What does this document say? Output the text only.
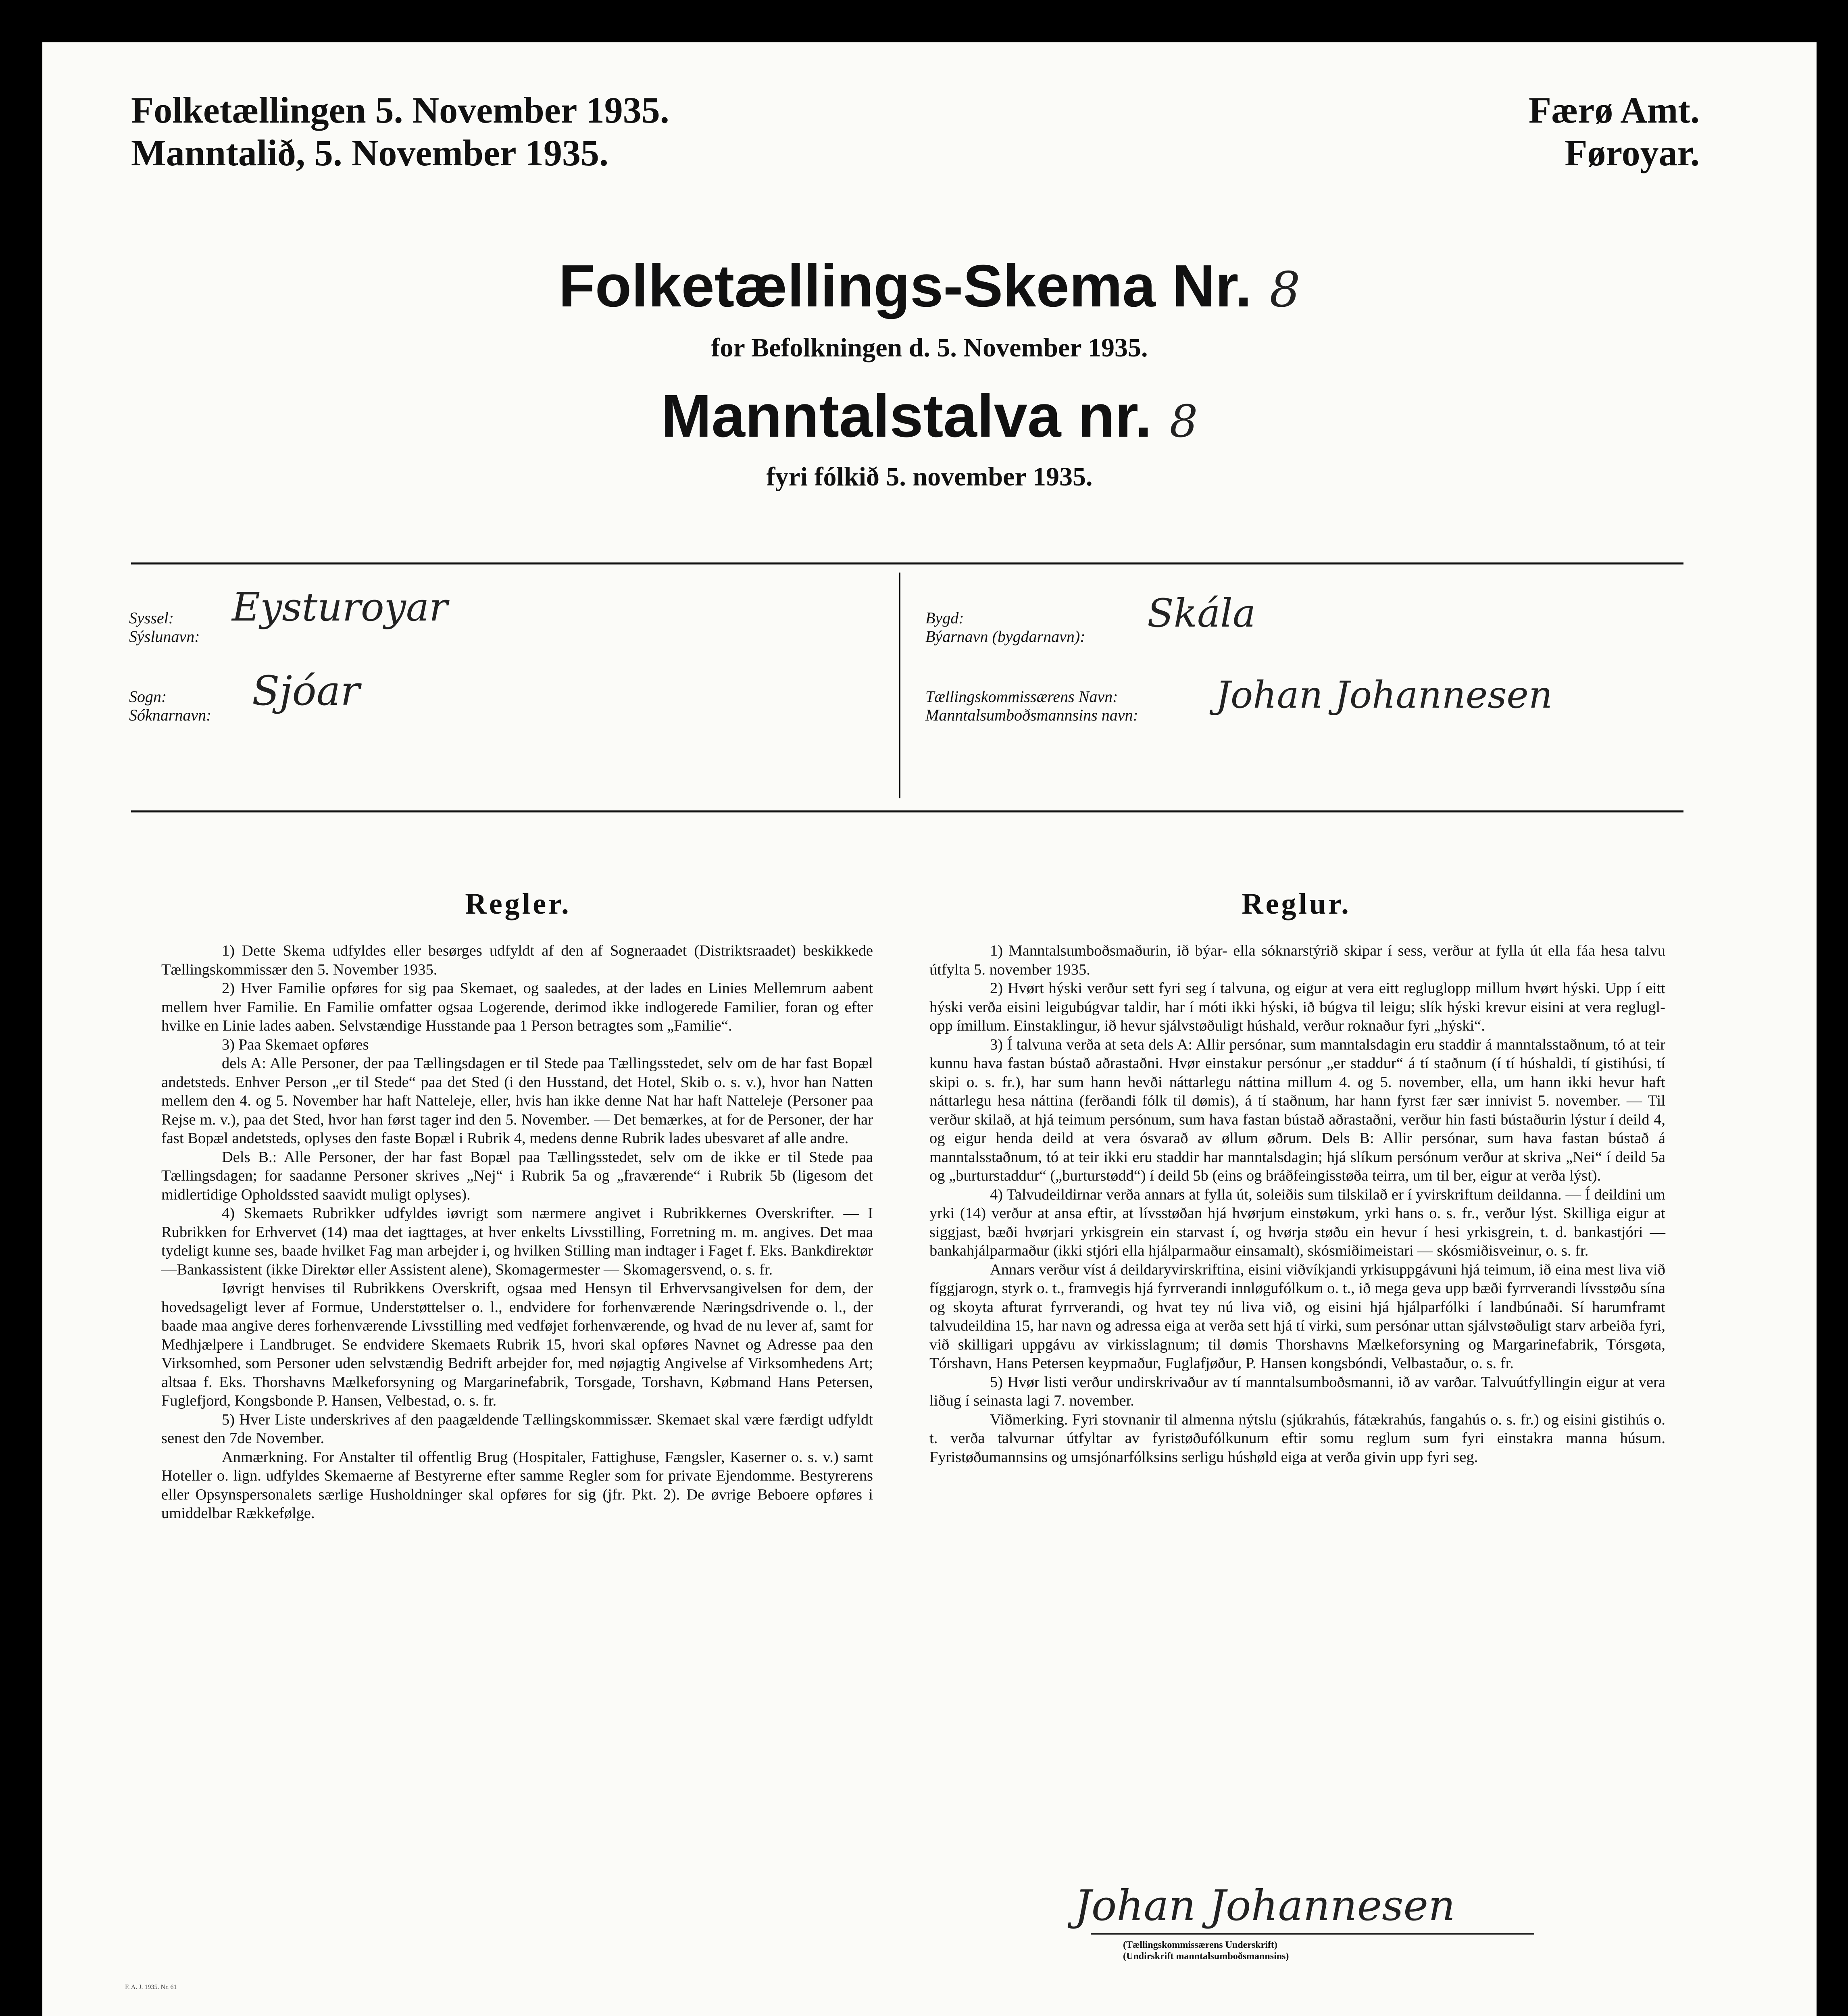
Folketællingen 5. November 1935.
Manntalið, 5. November 1935.
Færø Amt.
Føroyar.
Folketællings-Skema Nr. 8
for Befolkningen d. 5. November 1935.
Manntalstalva nr. 8
fyri fólkið 5. november 1935.
Syssel:
Sýslunavn:
Eysturoyar
Sogn:
Sóknarnavn:
Sjóar
Bygd:
Býarnavn (bygdarnavn):
Skála
Tællingskommissærens Navn:
Manntalsumboðsmannsins navn: Johan Johannesen
Regler.	Reglur.

1) Dette Skema udfyldes eller besørges udfyldt af den af Sogneraadet (Distriktsraadet) beskikkede Tællingskommissær den 5. November 1935.

2) Hver Familie opføres for sig paa Skemaet, og saaledes, at der lades en Linies Mellemrum aabent mellem hver Familie. En Familie omfatter ogsaa Logerende, derimod ikke indlogerede Familier, foran og efter hvilke en Linie lades aaben. Selvstændige Husstande paa 1 Person betragtes som „Familie“.

3) Paa Skemaet opføres

dels A: Alle Personer, der paa Tællingsdagen er til Stede paa Tællingsstedet, selv om de har fast Bopæl andetsteds. Enhver Person „er til Stede“ paa det Sted (i den Husstand, det Hotel, Skib o. s. v.), hvor han Natten mellem den 4. og 5. November har haft Natteleje, eller, hvis han ikke denne Nat har haft Natteleje (Personer paa Rejse m. v.), paa det Sted, hvor han først tager ind den 5. November. — Det bemærkes, at for de Personer, der har fast Bopæl andetsteds, oplyses den faste Bopæl i Rubrik 4, medens denne Rubrik lades ubesvaret af alle andre.

Dels B.: Alle Personer, der har fast Bopæl paa Tællingsstedet, selv om de ikke er til Stede paa Tællingsdagen; for saadanne Personer skrives „Nej“ i Rubrik 5a og „fraværende“ i Rubrik 5b (ligesom det midlertidige Opholdssted saavidt muligt oplyses).

4) Skemaets Rubrikker udfyldes iøvrigt som nærmere angivet i Rubrikkernes Overskrifter. — I Rubrikken for Erhvervet (14) maa det iagttages, at hver enkelts Livsstilling, Forretning m. m. angives. Det maa tydeligt kunne ses, baade hvilket Fag man arbejder i, og hvilken Stilling man indtager i Faget f. Eks. Bankdirektør—Bankassistent (ikke Direktør eller Assistent alene), Skomagermester — Skomagersvend, o. s. fr.

Iøvrigt henvises til Rubrikkens Overskrift, ogsaa med Hensyn til Erhvervsangivelsen for dem, der hovedsageligt lever af Formue, Understøttelser o. l., endvidere for forhenværende Næringsdrivende o. l., der baade maa angive deres forhenværende Livsstilling med vedføjet forhenværende, og hvad de nu lever af, samt for Medhjælpere i Landbruget. Se endvidere Skemaets Rubrik 15, hvori skal opføres Navnet og Adresse paa den Virksomhed, som Personer uden selvstændig Bedrift arbejder for, med nøjagtig Angivelse af Virksomhedens Art; altsaa f. Eks. Thorshavns Mælkeforsyning og Margarinefabrik, Torsgade, Torshavn, Købmand Hans Petersen, Fuglefjord, Kongsbonde P. Hansen, Velbestad, o. s. fr.

5) Hver Liste underskrives af den paagældende Tællingskommissær. Skemaet skal være færdigt udfyldt senest den 7de November.

Anmærkning. For Anstalter til offentlig Brug (Hospitaler, Fattighuse, Fængsler, Kaserner o. s. v.) samt Hoteller o. lign. udfyldes Skemaerne af Bestyrerne efter samme Regler som for private Ejendomme. Bestyrerens eller Opsynspersonalets særlige Husholdninger skal opføres for sig (jfr. Pkt. 2). De øvrige Beboere opføres i umiddelbar Rækkefølge.

1) Manntalsumboðsmaðurin, ið býar- ella sóknarstýrið skipar í sess, verður at fylla út ella fáa hesa talvu útfylta 5. november 1935.

2) Hvørt hýski verður sett fyri seg í talvuna, og eigur at vera eitt regluglopp millum hvørt hýski. Upp í eitt hýski verða eisini leigubúgvar taldir, har í móti ikki hýski, ið búgva til leigu; slík hýski krevur eisini at vera regluglopp ímillum. Einstaklingur, ið hevur sjálvstøðuligt húshald, verður roknaður fyri „hýski“.

3) Í talvuna verða at seta dels A: Allir persónar, sum manntalsdagin eru staddir á manntalsstaðnum, tó at teir kunnu hava fastan bústað aðrastaðni. Hvør einstakur persónur „er staddur“ á tí staðnum (í tí húshaldi, tí gistihúsi, tí skipi o. s. fr.), har sum hann hevði náttarlegu náttina millum 4. og 5. november, ella, um hann ikki hevur haft náttarlegu hesa náttina (ferðandi fólk til dømis), á tí staðnum, har hann fyrst fær sær innivist 5. november. — Til verður skilað, at hjá teimum persónum, sum hava fastan bústað aðrastaðni, verður hin fasti bústaðurin lýstur í deild 4, og eigur henda deild at vera ósvarað av øllum øðrum. Dels B: Allir persónar, sum hava fastan bústað á manntalsstaðnum, tó at teir ikki eru staddir har manntalsdagin; hjá slíkum persónum verður at skriva „Nei“ í deild 5a og „burturstaddur“ („burturstødd“) í deild 5b (eins og bráðfeingisstøða teirra, um til ber, eigur at verða lýst).

4) Talvudeildirnar verða annars at fylla út, soleiðis sum tilskilað er í yvirskriftum deildanna. — Í deildini um yrki (14) verður at ansa eftir, at lívsstøðan hjá hvørjum einstøkum, yrki hans o. s. fr., verður lýst. Skilliga eigur at siggjast, bæði hvørjari yrkisgrein ein starvast í, og hvørja støðu ein hevur í hesi yrkisgrein, t. d. bankastjóri — bankahjálparmaður (ikki stjóri ella hjálparmaður einsamalt), skósmiðimeistari — skósmiðisveinur, o. s. fr.

Annars verður víst á deildaryvirskriftina, eisini viðvíkjandi yrkisuppgávuni hjá teimum, ið eina mest liva við fíggjarogn, styrk o. t., framvegis hjá fyrrverandi innløgufólkum o. t., ið mega geva upp bæði fyrrverandi lívsstøðu sína og skoyta afturat fyrrverandi, og hvat tey nú liva við, og eisini hjá hjálparfólki í landbúnaði. Sí harumframt talvudeildina 15, har navn og adressa eiga at verða sett hjá tí virki, sum persónar uttan sjálvstøðuligt starv arbeiða fyri, við skilligari uppgávu av virkisslagnum; til dømis Thorshavns Mælkeforsyning og Margarinefabrik, Tórsgøta, Tórshavn, Hans Petersen keypmaður, Fuglafjøður, P. Hansen kongsbóndi, Velbastaður, o. s. fr.

5) Hvør listi verður undirskrivaður av tí manntalsumboðsmanni, ið av varðar. Talvuútfyllingin eigur at vera liðug í seinasta lagi 7. november.

Viðmerking. Fyri stovnanir til almenna nýtslu (sjúkrahús, fátækrahús, fangahús o. s. fr.) og eisini gistihús o. t. verða talvurnar útfyltar av fyristøðufólkunum eftir somu reglum sum fyri einstakra manna húsum. Fyristøðumannsins og umsjónarfólksins serligu húshøld eiga at verða givin upp fyri seg.

Johan Johannesen
(Tællingskommissærens Underskrift)
(Undirskrift manntalsumboðsmannsins)
F. A. J. 1935. Nr. 61
